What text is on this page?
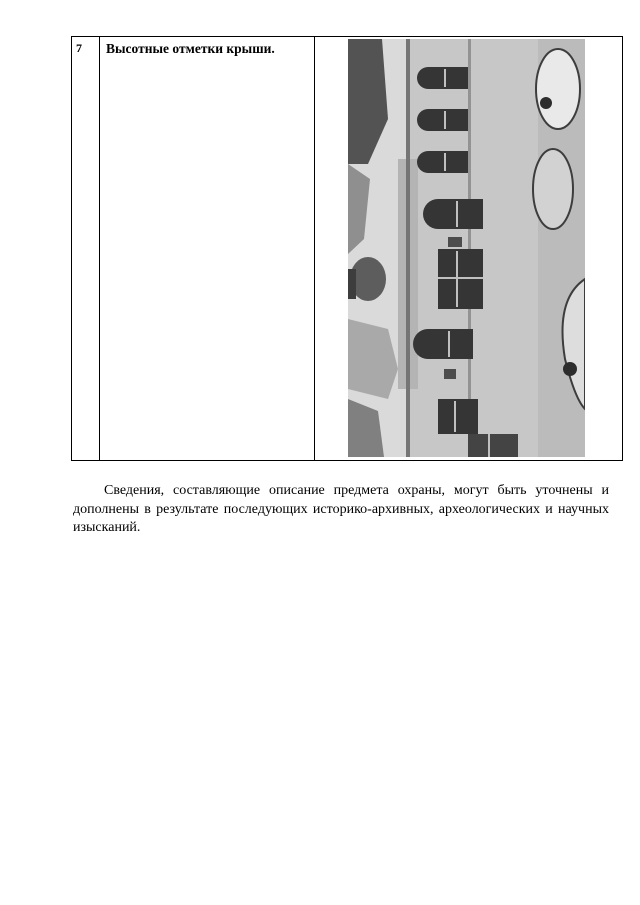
7 Высотные отметки крыши.

Сведения, составляющие описание предмета охраны, могут быть уточнены и дополнены в результате последующих историко-архивных, археологических и научных изысканий.
